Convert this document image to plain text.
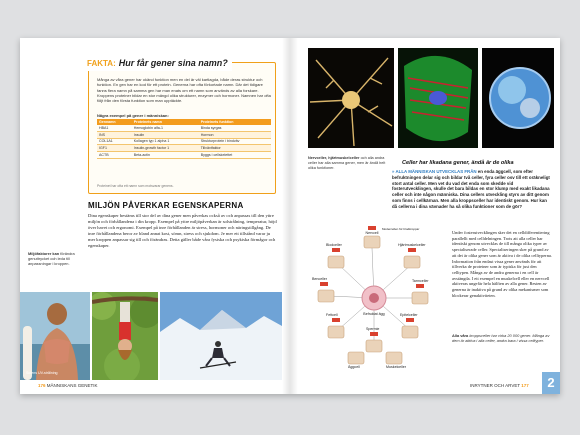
FAKTA: Hur får gener sina namn?
Många av våra gener har okänd funktion men en del är väl kartlagda, både deras struktur och funktion. En gen har en kod för ett protein. Generna har ofta förkortade namn. Där det tidigare fanns flera namn på samma gen har man enats om ett namn som används av alla forskare. Kroppens proteiner bildar en stor mängd olika strukturer, enzymer och hormoner. Namnen har ofta följt från den första funktion som man upptäckte.
Några exempel på gener i människan:
Gennamn	Proteinets namn	Proteinets funktion
HBA1	Hemoglobin alfa-1	Binda syrgas
INS	Insulin	Hormon
COL1A1	Kollagen typ 1 alpha 1	Strukturprotein i bindväv
IGF1	Insulin-growth factor 1	Tillväxtfaktor
ACTB	Beta-actin	Byggs i cellskelettet
Proteinet har ofta ett namn som motsvarar genens.
MILJÖN PÅVERKAR EGENSKAPERNA
Dina egenskaper bestäms till stor del av dina gener men påverkas också av och anpassas till den yttre miljön och förhållandena i din kropp. Exempel på yttre miljöpåverkan är solstrålning, temperatur, höjd över havet och ergonomi. Exempel på inre förhållanden är stress, hormoner och näringstillgång. De inre förhållandena beror av bland annat kost, sömn, stress och sjukdom. Je mer ett tillstånd varar ju mer kroppen anpassar sig till och förändras. Detta gäller både våra fysiska och psykiska förmågor och egenskaper.
Miljöfaktorer kan förändra genuttrycket och leda till anpassningar i kroppen.
Solens UV-strålning
176 MÄNNISKANS GENETIK
Nervceller, hjärtmuskelceller och alla andra celler har alla samma gener, men är ändå helt olika funktioner.
Celler har likadana gener, ändå är de olika
» ALLA MÄNNISKAN UTVECKLAS FRÅN en enda äggcell, som efter befruktningen delar sig och bildar två celler, fyra celler osv till ett oräkneligt stort antal celler. Men vet du vad det enda som skedde vid fosterutvecklingen, skulle det bara bildas en stor klump med exakt likadana celler och inte någon människa. Dina cellers utveckling styrs av ditt genom som finns i cellkärnan. Men alla kroppsceller har identiskt genom. Hur kan då cellerna i dina vävnader ha så olika funktioner som de gör?
Befruktat ägg
Nervcell
Blodceller	Hjärtmuskelceller
Benceller	Tarmceller
Fettcell	Epitelceller
Spermie
Äggcell	Muskelceller
Modercellen för blodkroppar
Under fosterutvecklingen sker det en celldifferentiering parallellt med celldelningen. Trots att alla celler har identiskt genom utvecklas de till många olika typer av specialiserade celler. Specialiseringen sker på grund av att det är olika gener som är aktiva i de olika celltyperna. Information från endast vissa gener används för att tillverka de proteiner som är typiska för just den celltypen. Många av de andra generna i en cell är avstängda. I ett exempel en muskelcell eller en nervcell aktiveras ungefär hela hälften av alla gener. Resten av generna är inaktiva på grund av olika mekanismer som blockerar genaktiviteten.
Alla våra kroppsceller har cirka 20 000 gener. Många av dem är aktiva i alla celler, andra bara i vissa celltyper.
INRYTNER OCH ARVET 177	2
